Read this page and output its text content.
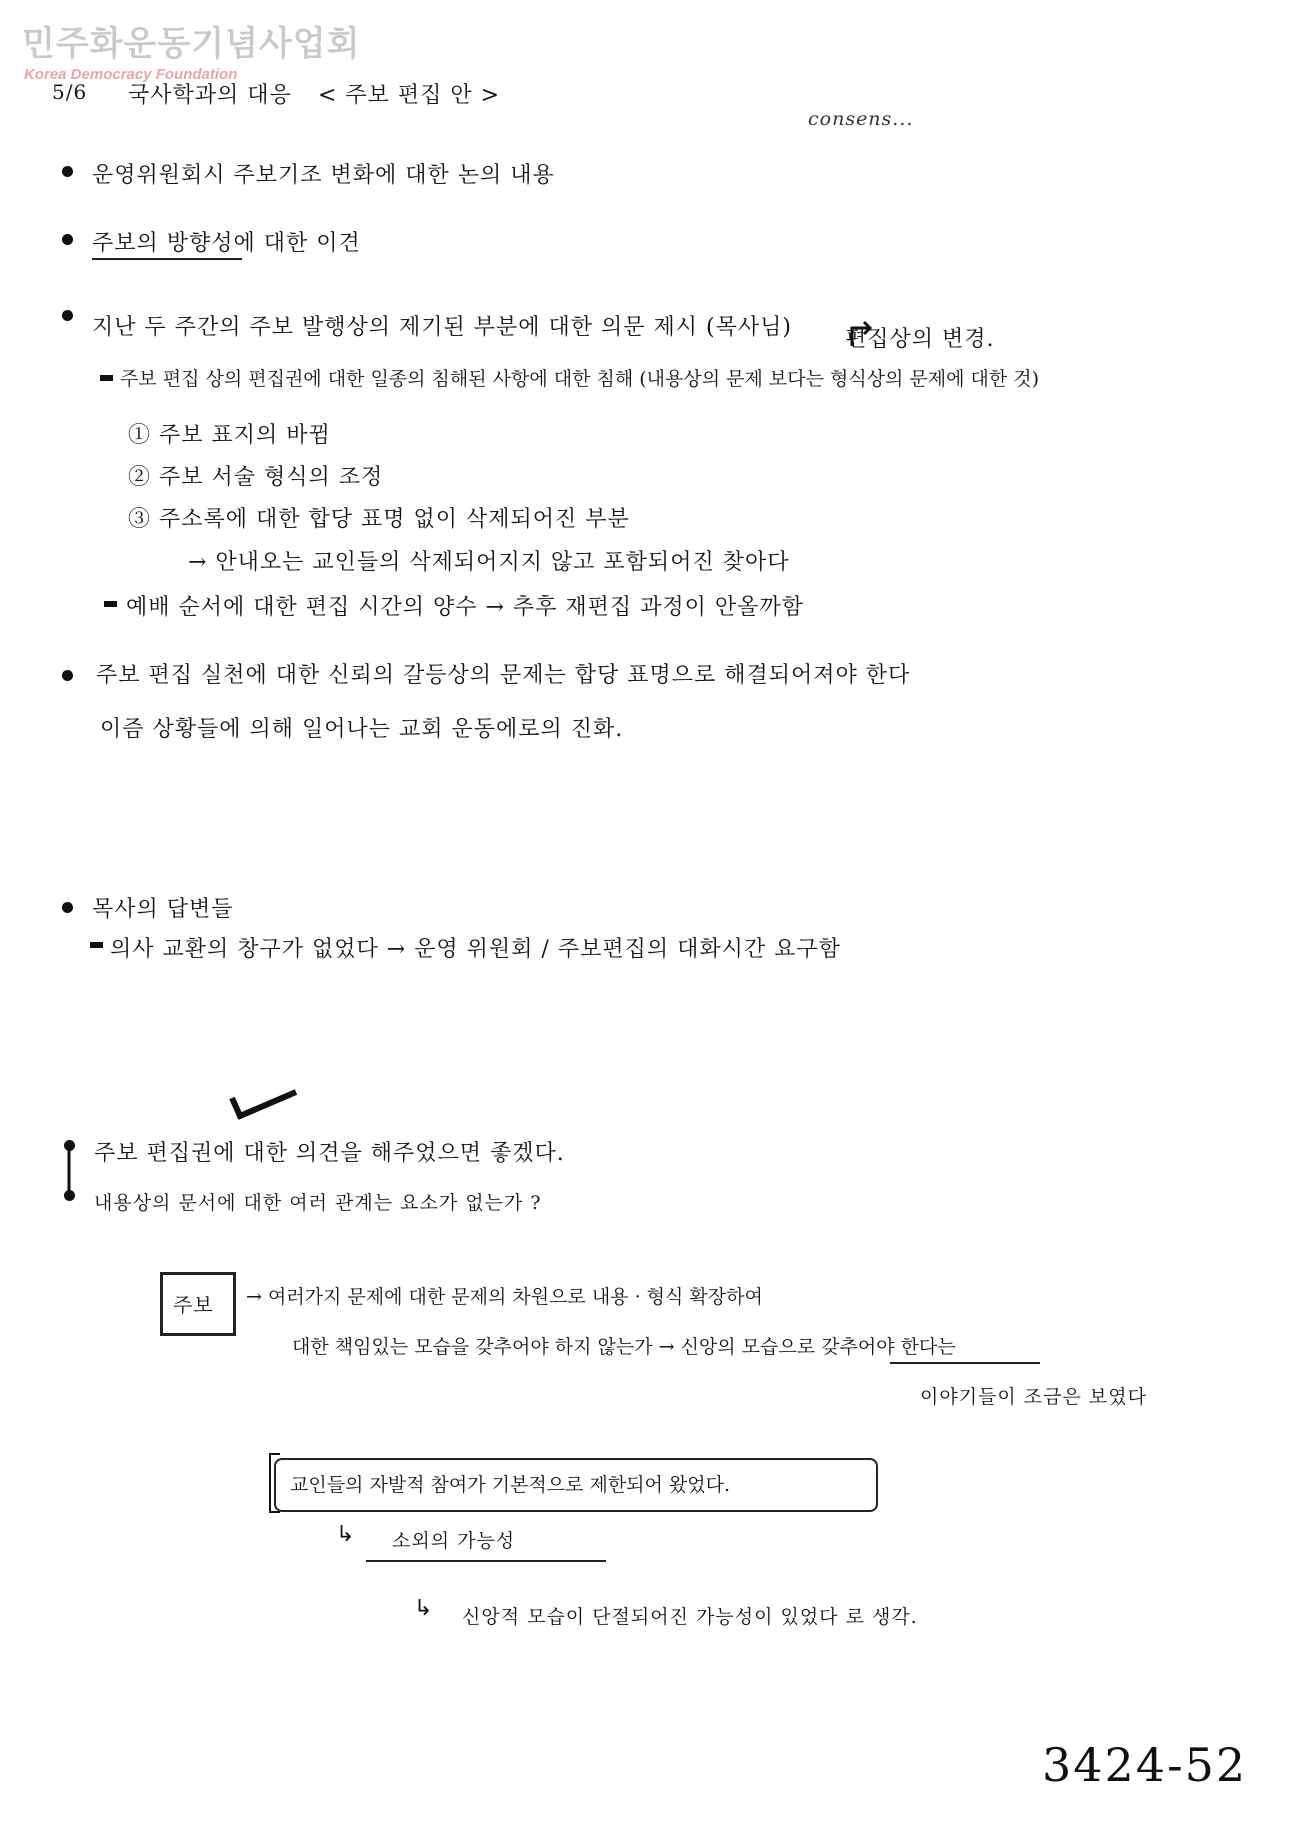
민주화운동기념사업회
Korea Democracy Foundation
5/6 국사학과의 대응 < 주보 편집 안 >
consens...
운영위원회시 주보기조 변화에 대한 논의 내용
주보의 방향성에 대한 이견
지난 두 주간의 주보 발행상의 제기된 부분에 대한 의문 제시 (목사님) 편집상의 변경.
주보 편집 상의 편집권에 대한 일종의 침해된 사항에 대한 침해 (내용상의 문제 보다는 형식상의 문제에 대한 것)
① 주보 표지의 바뀜
② 주보 서술 형식의 조정
③ 주소록에 대한 합당 표명 없이 삭제되어진 부분
→ 안내오는 교인들의 삭제되어지지 않고 포함되어진 찾아다
예배 순서에 대한 편집 시간의 양수 → 추후 재편집 과정이 안올까함
주보 편집 실천에 대한 신뢰의 갈등상의 문제는 합당 표명으로 해결되어져야 한다
이즘 상황들에 의해 일어나는 교회 운동에로의 진화.
목사의 답변들
의사 교환의 창구가 없었다 → 운영 위원회 / 주보편집의 대화시간 요구함
주보 편집권에 대한 의견을 해주었으면 좋겠다.
내용상의 문서에 대한 여러 관계는 요소가 없는가 ?
주보 → 여러가지 문제에 대한 문제의 차원으로 내용 · 형식 확장하여
대한 책임있는 모습을 갖추어야 하지 않는가 → 신앙의 모습으로 갖추어야 한다는
이야기들이 조금은 보였다
교인들의 자발적 참여가 기본적으로 제한되어 왔었다.
↳ 소외의 가능성
↳ 신앙적 모습이 단절되어진 가능성이 있었다 로 생각.
3424-52
